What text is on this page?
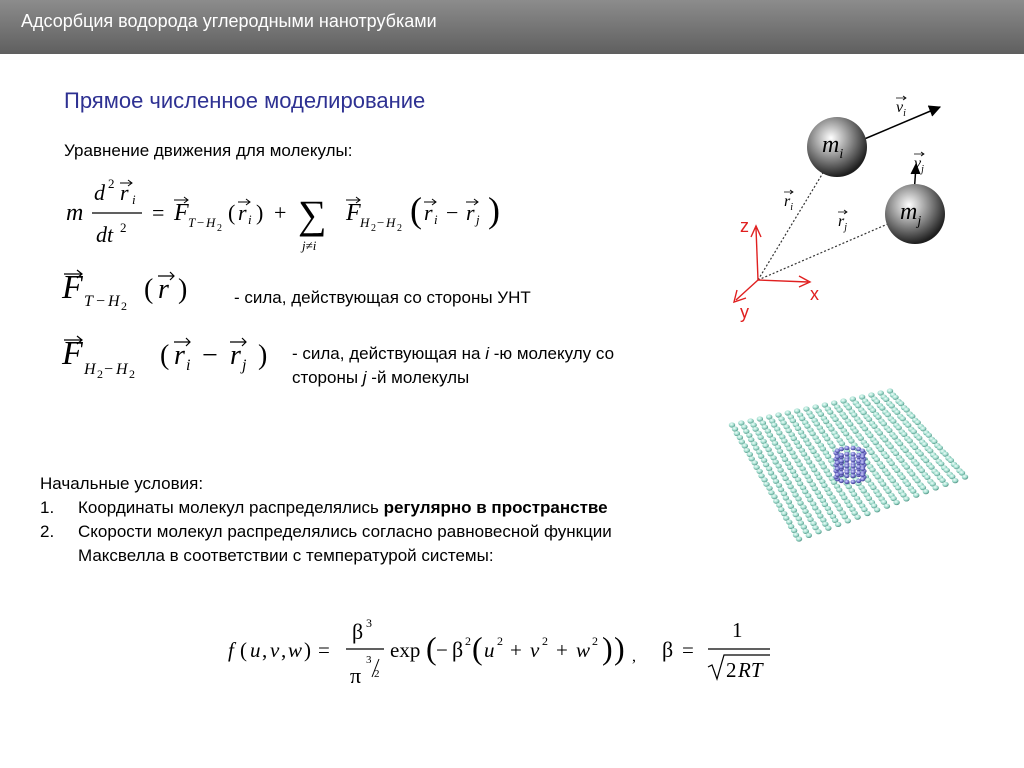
Адсорбция водорода углеродными нанотрубками
Прямое численное моделирование
Уравнение движения для молекулы:
m
d 2 r i
dt 2
= F T − H 2
( r i ) + ∑
j≠i
F H 2 − H 2 ( r i − r j )
F T − H 2
( r )	- сила, действующая со стороны УНТ
F H 2 − H 2
( r i − r j ) - сила, действующая на i -ю молекулу со
стороны j -й молекулы
Начальные условия:
1. Координаты молекул распределялись регулярно в пространстве
2. Скорости молекул распределялись согласно равновесной функции
Максвелла в соответствии с температурой системы:
f ( u , v , w ) =
β 3
π
3
2
exp ( − β 2 ( u 2 + v 2 + w 2 ) ) , β =
1
2 RT
z
x
y
$m_i$
$m_j$
$v_i$
$v_j$
$r_i$
$r_j$
